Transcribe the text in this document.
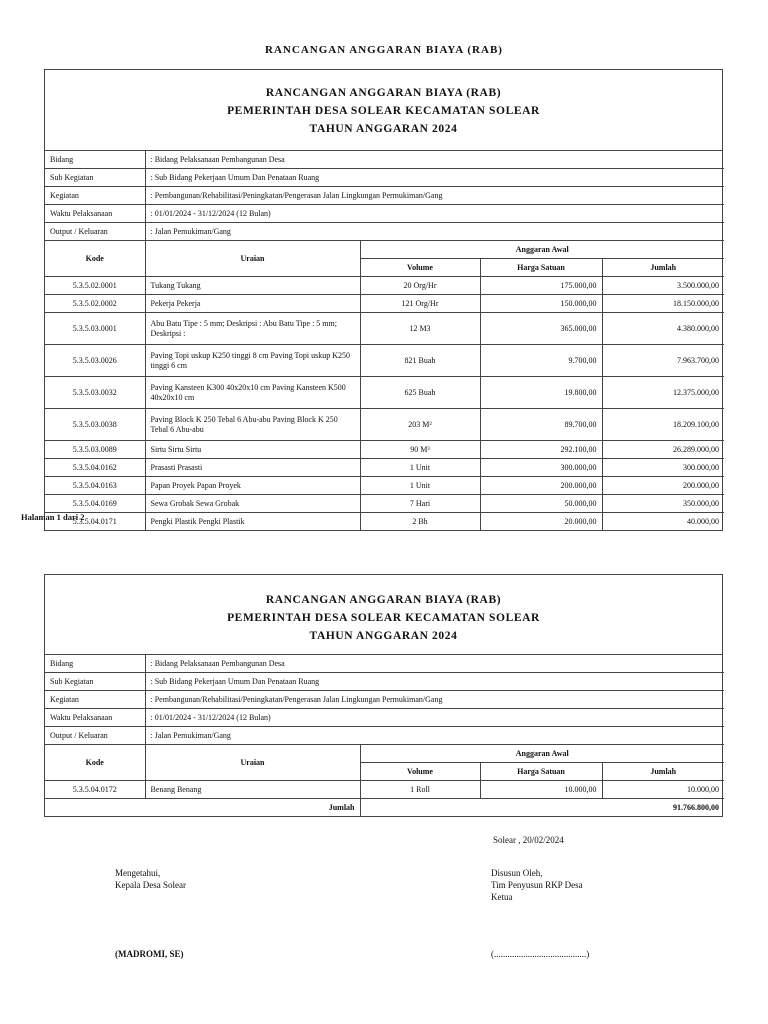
RANCANGAN ANGGARAN BIAYA (RAB)
RANCANGAN ANGGARAN BIAYA (RAB)
PEMERINTAH DESA SOLEAR KECAMATAN SOLEAR
TAHUN ANGGARAN 2024
Bidang	: Bidang Pelaksanaan Pembangunan Desa			
Sub Kegiatan	: Sub Bidang Pekerjaan Umum Dan Penataan Ruang			
Kegiatan	: Pembangunan/Rehabilitasi/Peningkatan/Pengerasan Jalan Lingkungan Permukiman/Gang			
Waktu Pelaksanaan	: 01/01/2024 - 31/12/2024 (12 Bulan)			
Output / Keluaran	: Jalan Pemukiman/Gang			
Kode	Uraian	Anggaran Awal		
		Volume	Harga Satuan	Jumlah
5.3.5.02.0001	Tukang Tukang	20 Org/Hr	175.000,00	3.500.000,00
5.3.5.02.0002	Pekerja Pekerja	121 Org/Hr	150.000,00	18.150.000,00
5.3.5.03.0001	Abu Batu Tipe : 5 mm; Deskripsi : Abu Batu Tipe : 5 mm; Deskripsi :	12 M3	365.000,00	4.380.000,00
5.3.5.03.0026	Paving Topi uskup K250 tinggi 8 cm Paving Topi uskup K250 tinggi 6 cm	821 Buah	9.700,00	7.963.700,00
5.3.5.03.0032	Paving Kansteen K300 40x20x10 cm Paving Kansteen K500 40x20x10 cm	625 Buah	19.800,00	12.375.000,00
5.3.5.03.0038	Paving Block K 250 Tebal 6 Abu-abu Paving Block K 250 Tebal 6 Abu-abu	203 M²	89.700,00	18.209.100,00
5.3.5.03.0089	Sirtu Sirtu Sirtu	90 M³	292.100,00	26.289.000,00
5.3.5.04.0162	Prasasti Prasasti	1 Unit	300.000,00	300.000,00
5.3.5.04.0163	Papan Proyek Papan Proyek	1 Unit	200.000,00	200.000,00
5.3.5.04.0169	Sewa Grobak Sewa Grobak	7 Hari	50.000,00	350.000,00
5.3.5.04.0171	Pengki Plastik Pengki Plastik	2 Bh	20.000,00	40.000,00
Halaman 1 dari 2
RANCANGAN ANGGARAN BIAYA (RAB)
PEMERINTAH DESA SOLEAR KECAMATAN SOLEAR
TAHUN ANGGARAN 2024
Bidang	: Bidang Pelaksanaan Pembangunan Desa			
Sub Kegiatan	: Sub Bidang Pekerjaan Umum Dan Penataan Ruang			
Kegiatan	: Pembangunan/Rehabilitasi/Peningkatan/Pengerasan Jalan Lingkungan Permukiman/Gang			
Waktu Pelaksanaan	: 01/01/2024 - 31/12/2024 (12 Bulan)			
Output / Keluaran	: Jalan Pemukiman/Gang			
Kode	Uraian	Anggaran Awal		
		Volume	Harga Satuan	Jumlah
5.3.5.04.0172	Benang Benang	1 Roll	10.000,00	10.000,00
Jumlah		91.766.800,00		
Solear , 20/02/2024
Mengetahui,
Kepala Desa Solear
Disusun Oleh,
Tim Penyusun RKP Desa
Ketua
(MADROMI, SE)	(.........................................)
